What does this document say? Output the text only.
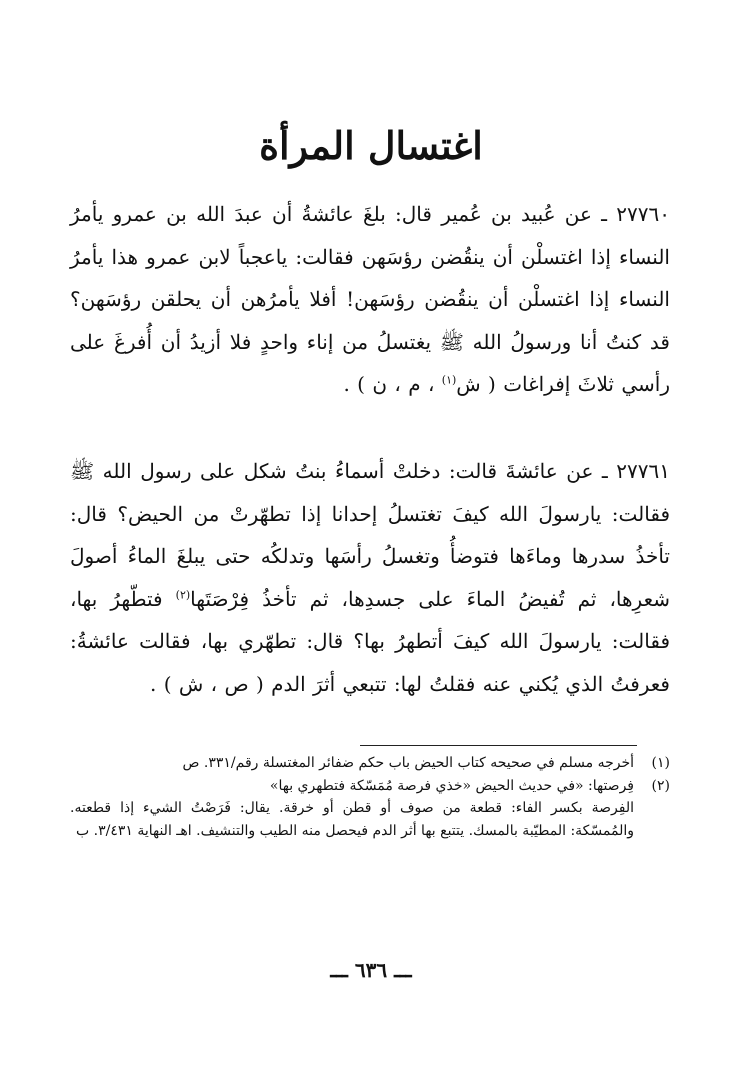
اغتسال المرأة
٢٧٧٦٠ ـ عن عُبيد بن عُمير قال: بلغَ عائشةُ أن عبدَ الله بن عمرو يأمرُ النساء إذا اغتسلْن أن ينقُضن رؤسَهن فقالت: ياعجباً لابن عمرو هذا يأمرُ النساء إذا اغتسلْن أن ينقُضن رؤسَهن! أفلا يأمرُهن أن يحلقن رؤسَهن؟ قد كنتُ أنا ورسولُ الله ﷺ يغتسلُ من إناء واحدٍ فلا أزيدُ أن أُفرغَ على رأسي ثلاثَ إفراغات ( ش$^{(١)}$ ، م ، ن ) .
٢٧٧٦١ ـ عن عائشةَ قالت: دخلتْ أسماءُ بنتُ شكل على رسول الله ﷺ فقالت: يارسولَ الله كيفَ تغتسلُ إحدانا إذا تطهّرتْ من الحيض؟ قال: تأخذُ سدرها وماءَها فتوضأُ وتغسلُ رأسَها وتدلكُه حتى يبلغَ الماءُ أصولَ شعرِها، ثم تُفيضُ الماءَ على جسدِها، ثم تأخذُ فِرْصَتَها$^{(٢)}$ فتطّهرُ بها، فقالت: يارسولَ الله كيفَ أتطهرُ بها؟ قال: تطهّري بها، فقالت عائشةُ: فعرفتُ الذي يُكني عنه فقلتُ لها: تتبعي أثرَ الدم ( ص ، ش ) .
(١)
أخرجه مسلم في صحيحه كتاب الحيض باب حكم ضفائر المغتسلة رقم/٣٣١. ص
(٢)
فِرصتها: «في حديث الحيض «خذي فرصة مُمَسّكة فتطهري بها»
الفِرصة بكسر الفاء: قطعة من صوف أو قطن أو خرقة. يقال: فَرَصْتُ الشيء إذا قطعته. والمُمسّكة: المطيّبة بالمسك. يتتبع بها أثر الدم فيحصل منه الطيب والتنشيف. اهـ النهاية ٣/٤٣١. ب
ـــ ٦٣٦ ـــ
